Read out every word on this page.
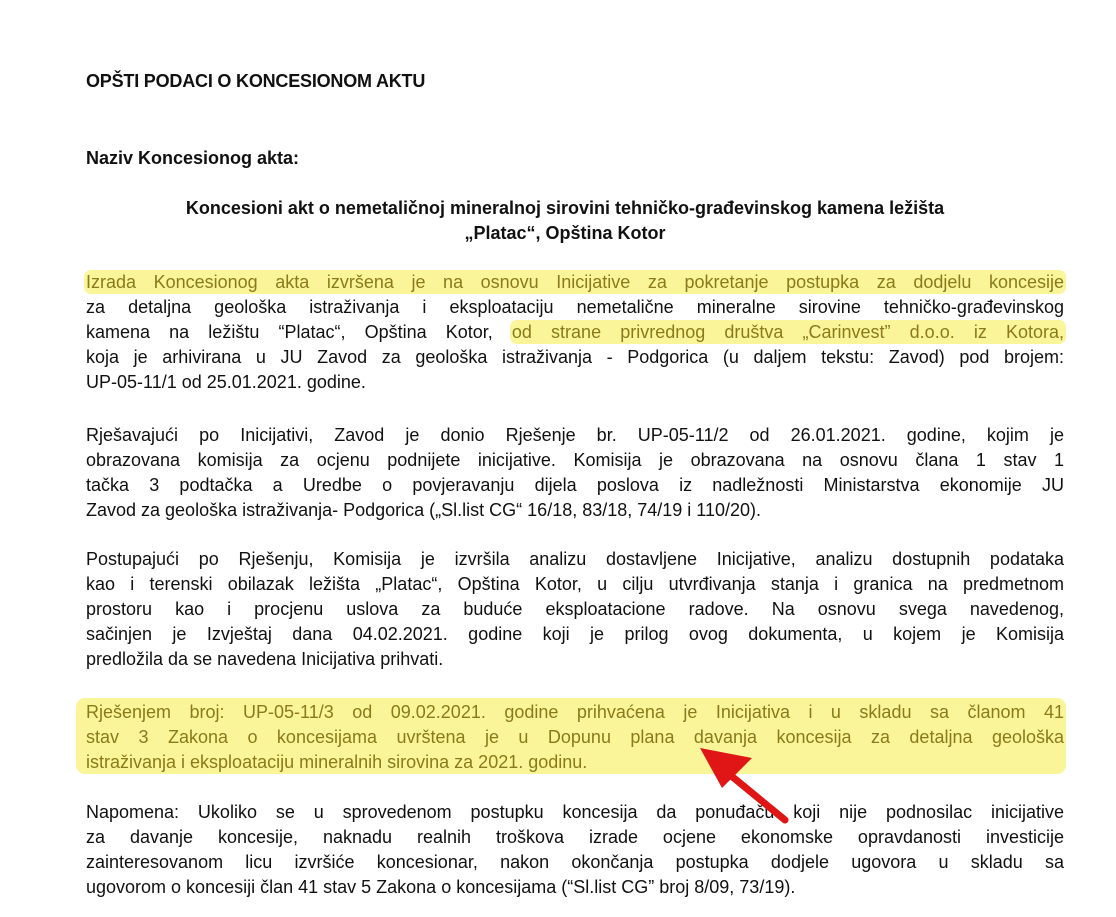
OPŠTI PODACI O KONCESIONOM AKTU
Naziv Koncesionog akta:
Koncesioni akt o nemetaličnoj mineralnoj sirovini tehničko-građevinskog kamena ležišta
„Platac“, Opština Kotor
Izrada Koncesionog akta izvršena je na osnovu Inicijative za pokretanje postupka za dodjelu koncesije
za detaljna geološka istraživanja i eksploataciju nemetalične mineralne sirovine tehničko-građevinskog
kamena na ležištu “Platac“, Opština Kotor, od strane privrednog društva „Carinvest” d.o.o. iz Kotora,
koja je arhivirana u JU Zavod za geološka istraživanja - Podgorica (u daljem tekstu: Zavod) pod brojem:
UP-05-11/1 od 25.01.2021. godine.
Rješavajući po Inicijativi, Zavod je donio Rješenje br. UP-05-11/2 od 26.01.2021. godine, kojim je
obrazovana komisija za ocjenu podnijete inicijative. Komisija je obrazovana na osnovu člana 1 stav 1
tačka 3 podtačka a Uredbe o povjeravanju dijela poslova iz nadležnosti Ministarstva ekonomije JU
Zavod za geološka istraživanja- Podgorica („Sl.list CG“ 16/18, 83/18, 74/19 i 110/20).
Postupajući po Rješenju, Komisija je izvršila analizu dostavljene Inicijative, analizu dostupnih podataka
kao i terenski obilazak ležišta „Platac“, Opština Kotor, u cilju utvrđivanja stanja i granica na predmetnom
prostoru kao i procjenu uslova za buduće eksploatacione radove. Na osnovu svega navedenog,
sačinjen je Izvještaj dana 04.02.2021. godine koji je prilog ovog dokumenta, u kojem je Komisija
predložila da se navedena Inicijativa prihvati.
Rješenjem broj: UP-05-11/3 od 09.02.2021. godine prihvaćena je Inicijativa i u skladu sa članom 41
stav 3 Zakona o koncesijama uvrštena je u Dopunu plana davanja koncesija za detaljna geološka
istraživanja i eksploataciju mineralnih sirovina za 2021. godinu.
Napomena: Ukoliko se u sprovedenom postupku koncesija da ponuđaču koji nije podnosilac inicijative
za davanje koncesije, naknadu realnih troškova izrade ocjene ekonomske opravdanosti investicije
zainteresovanom licu izvršiće koncesionar, nakon okončanja postupka dodjele ugovora u skladu sa
ugovorom o koncesiji član 41 stav 5 Zakona o koncesijama (“Sl.list CG” broj 8/09, 73/19).
